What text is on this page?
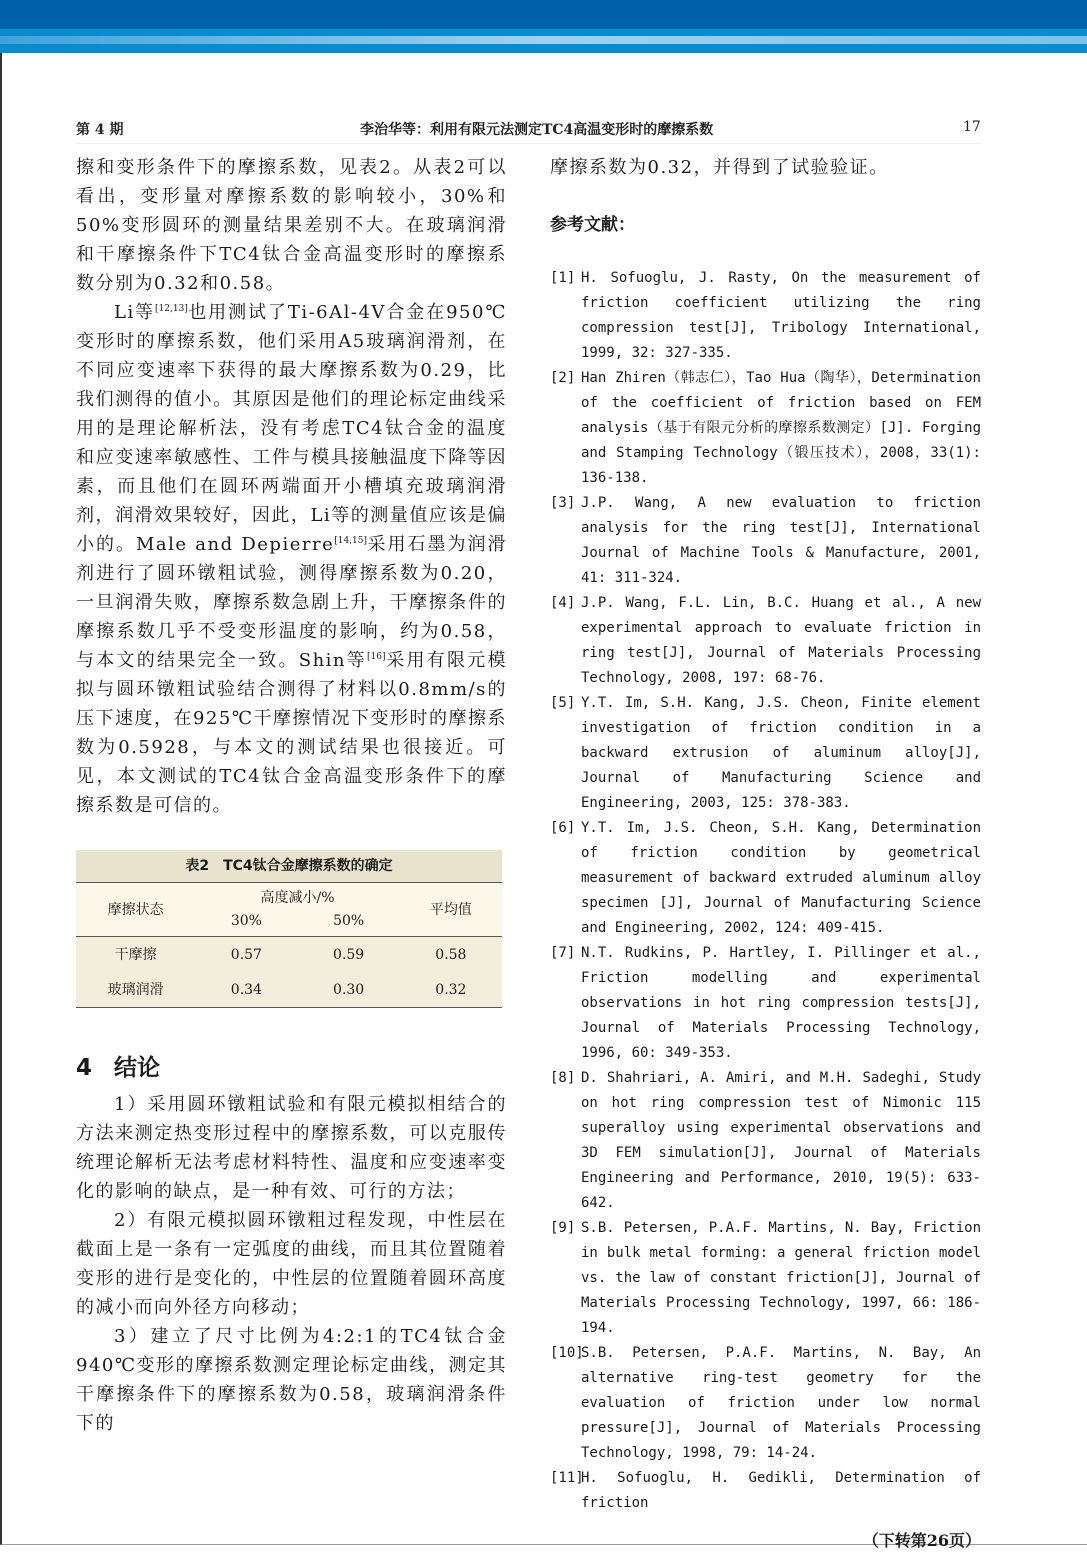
第 4 期	李治华等：利用有限元法测定TC4高温变形时的摩擦系数	17

擦和变形条件下的摩擦系数，见表2。从表2可以看出，变形量对摩擦系数的影响较小，30%和50%变形圆环的测量结果差别不大。在玻璃润滑和干摩擦条件下TC4钛合金高温变形时的摩擦系数分别为0.32和0.58。

Li等[12,13]也用测试了Ti-6Al-4V合金在950℃变形时的摩擦系数，他们采用A5玻璃润滑剂，在不同应变速率下获得的最大摩擦系数为0.29，比我们测得的值小。其原因是他们的理论标定曲线采用的是理论解析法，没有考虑TC4钛合金的温度和应变速率敏感性、工件与模具接触温度下降等因素，而且他们在圆环两端面开小槽填充玻璃润滑剂，润滑效果较好，因此，Li等的测量值应该是偏小的。Male and Depierre[14,15]采用石墨为润滑剂进行了圆环镦粗试验，测得摩擦系数为0.20，一旦润滑失败，摩擦系数急剧上升，干摩擦条件的摩擦系数几乎不受变形温度的影响，约为0.58，与本文的结果完全一致。Shin等[16]采用有限元模拟与圆环镦粗试验结合测得了材料以0.8mm/s的压下速度，在925℃干摩擦情况下变形时的摩擦系数为0.5928，与本文的测试结果也很接近。可见，本文测试的TC4钛合金高温变形条件下的摩擦系数是可信的。

表2　TC4钛合金摩擦系数的确定			
摩擦状态	高度减小/%		平均值
	30%	50%	
干摩擦	0.57	0.59	0.58
玻璃润滑	0.34	0.30	0.32
4 结论

1）采用圆环镦粗试验和有限元模拟相结合的方法来测定热变形过程中的摩擦系数，可以克服传统理论解析无法考虑材料特性、温度和应变速率变化的影响的缺点，是一种有效、可行的方法；

2）有限元模拟圆环镦粗过程发现，中性层在截面上是一条有一定弧度的曲线，而且其位置随着变形的进行是变化的，中性层的位置随着圆环高度的减小而向外径方向移动；

3）建立了尺寸比例为4:2:1的TC4钛合金940℃变形的摩擦系数测定理论标定曲线，测定其干摩擦条件下的摩擦系数为0.58，玻璃润滑条件下的

摩擦系数为0.32，并得到了试验验证。
参考文献：
[1] H. Sofuoglu, J. Rasty, On the measurement of friction coefficient utilizing the ring compression test[J], Tribology International, 1999, 32: 327-335.
[2] Han Zhiren（韩志仁），Tao Hua（陶华），Determination of the coefficient of friction based on FEM analysis（基于有限元分析的摩擦系数测定）[J]. Forging and Stamping Technology（锻压技术），2008，33(1): 136-138.
[3] J.P. Wang, A new evaluation to friction analysis for the ring test[J], International Journal of Machine Tools & Manufacture, 2001, 41: 311-324.
[4] J.P. Wang, F.L. Lin, B.C. Huang et al., A new experimental approach to evaluate friction in ring test[J], Journal of Materials Processing Technology, 2008, 197: 68-76.
[5] Y.T. Im, S.H. Kang, J.S. Cheon, Finite element investigation of friction condition in a backward extrusion of aluminum alloy[J], Journal of Manufacturing Science and Engineering, 2003, 125: 378-383.
[6] Y.T. Im, J.S. Cheon, S.H. Kang, Determination of friction condition by geometrical measurement of backward extruded aluminum alloy specimen [J], Journal of Manufacturing Science and Engineering, 2002, 124: 409-415.
[7] N.T. Rudkins, P. Hartley, I. Pillinger et al., Friction modelling and experimental observations in hot ring compression tests[J], Journal of Materials Processing Technology, 1996, 60: 349-353.
[8] D. Shahriari, A. Amiri, and M.H. Sadeghi, Study on hot ring compression test of Nimonic 115 superalloy using experimental observations and 3D FEM simulation[J], Journal of Materials Engineering and Performance, 2010, 19(5): 633-642.
[9] S.B. Petersen, P.A.F. Martins, N. Bay, Friction in bulk metal forming: a general friction model vs. the law of constant friction[J], Journal of Materials Processing Technology, 1997, 66: 186-194.
[10]
S.B. Petersen, P.A.F. Martins, N. Bay, An alternative ring-test geometry for the evaluation of friction under low normal pressure[J], Journal of Materials Processing Technology, 1998, 79: 14-24.
[11]
H. Sofuoglu, H. Gedikli, Determination of friction
（下转第26页）
